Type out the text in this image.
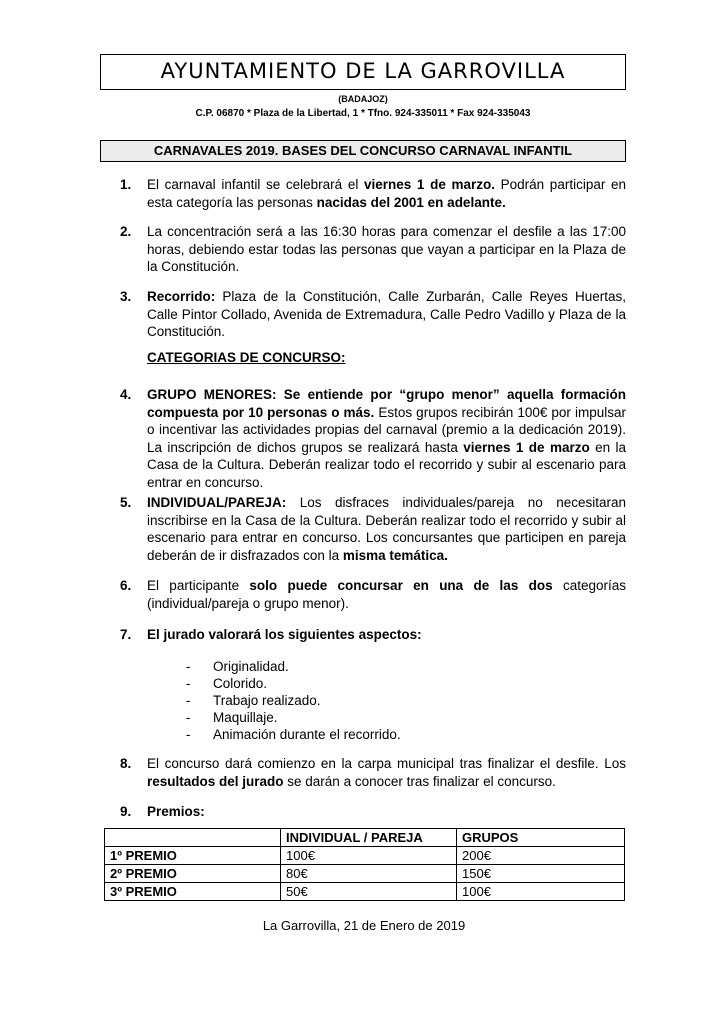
AYUNTAMIENTO DE LA GARROVILLA
(BADAJOZ)
C.P. 06870 * Plaza de la Libertad, 1 * Tfno. 924-335011 * Fax 924-335043
CARNAVALES 2019. BASES DEL CONCURSO CARNAVAL INFANTIL
1. El carnaval infantil se celebrará el viernes 1 de marzo. Podrán participar en esta categoría las personas nacidas del 2001 en adelante.
2. La concentración será a las 16:30 horas para comenzar el desfile a las 17:00 horas, debiendo estar todas las personas que vayan a participar en la Plaza de la Constitución.
3. Recorrido: Plaza de la Constitución, Calle Zurbarán, Calle Reyes Huertas, Calle Pintor Collado, Avenida de Extremadura, Calle Pedro Vadillo y Plaza de la Constitución.
CATEGORIAS DE CONCURSO:
4. GRUPO MENORES: Se entiende por “grupo menor” aquella formación compuesta por 10 personas o más. Estos grupos recibirán 100€ por impulsar o incentivar las actividades propias del carnaval (premio a la dedicación 2019). La inscripción de dichos grupos se realizará hasta viernes 1 de marzo en la Casa de la Cultura. Deberán realizar todo el recorrido y subir al escenario para entrar en concurso.
5. INDIVIDUAL/PAREJA: Los disfraces individuales/pareja no necesitaran inscribirse en la Casa de la Cultura. Deberán realizar todo el recorrido y subir al escenario para entrar en concurso. Los concursantes que participen en pareja deberán de ir disfrazados con la misma temática.
6. El participante solo puede concursar en una de las dos categorías (individual/pareja o grupo menor).
7. El jurado valorará los siguientes aspectos:
- Originalidad.
- Colorido.
- Trabajo realizado.
- Maquillaje.
- Animación durante el recorrido.
8. El concurso dará comienzo en la carpa municipal tras finalizar el desfile. Los resultados del jurado se darán a conocer tras finalizar el concurso.
9. Premios:
	INDIVIDUAL / PAREJA	GRUPOS
1º PREMIO	100€	200€
2º PREMIO	80€	150€
3º PREMIO	50€	100€
La Garrovilla, 21 de Enero de 2019
